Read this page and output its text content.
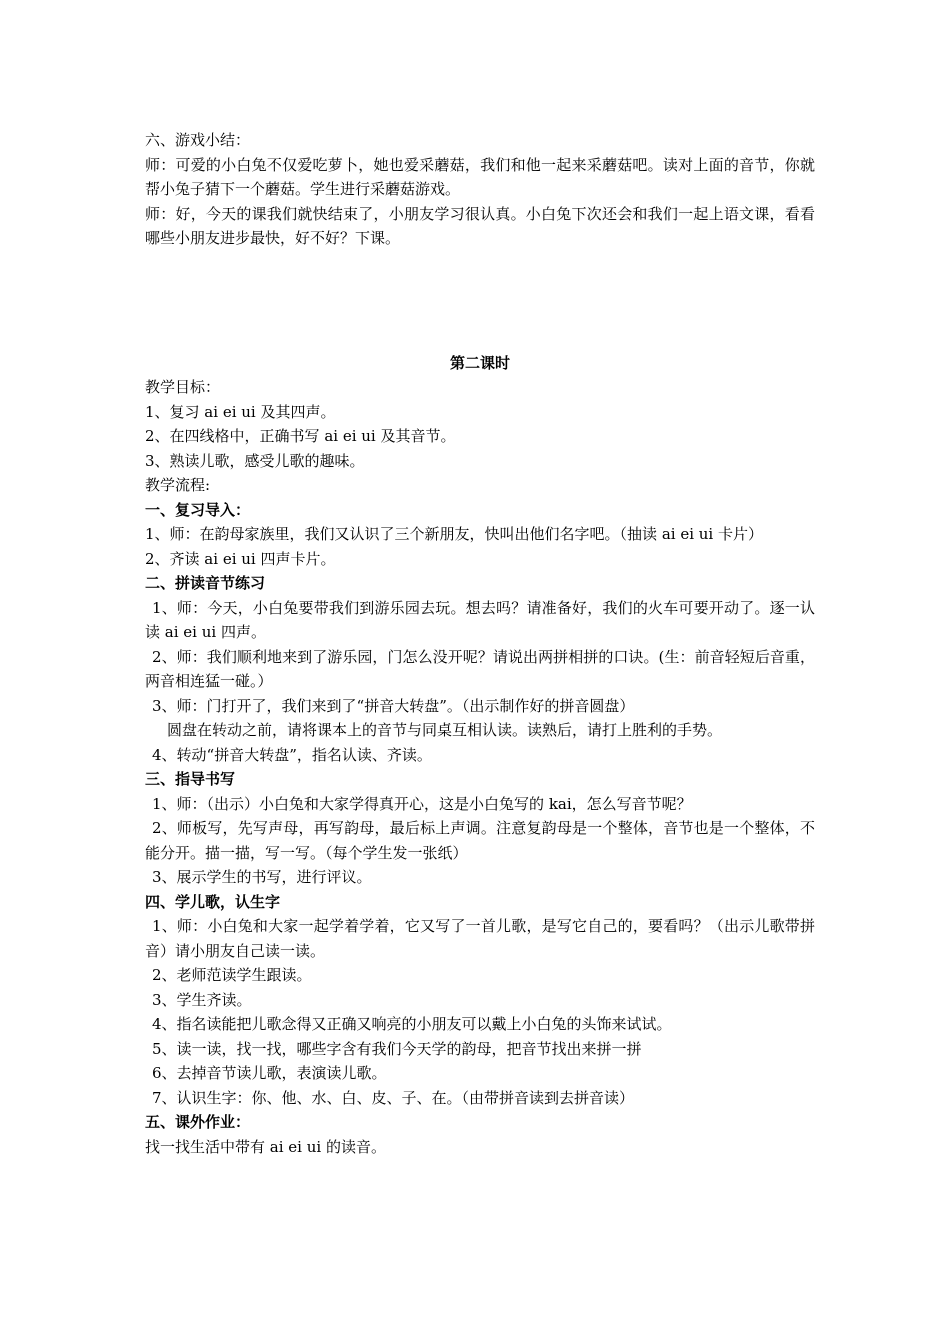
六、游戏小结：
师：可爱的小白兔不仅爱吃萝卜，她也爱采蘑菇，我们和他一起来采蘑菇吧。读对上面的音节，你就帮小兔子猜下一个蘑菇。学生进行采蘑菇游戏。
师：好，今天的课我们就快结束了，小朋友学习很认真。小白兔下次还会和我们一起上语文课，看看哪些小朋友进步最快，好不好？下课。
第二课时
教学目标：
1、复习 ai ei ui 及其四声。
2、在四线格中，正确书写 ai ei ui 及其音节。
3、熟读儿歌，感受儿歌的趣味。
教学流程:
一、复习导入：
1、师：在韵母家族里，我们又认识了三个新朋友，快叫出他们名字吧。（抽读 ai ei ui 卡片）
2、齐读 ai ei ui 四声卡片。
二、拼读音节练习
1、师：今天，小白兔要带我们到游乐园去玩。想去吗？请准备好，我们的火车可要开动了。逐一认读 ai ei ui 四声。
2、师：我们顺利地来到了游乐园，门怎么没开呢？请说出两拼相拼的口诀。(生：前音轻短后音重，两音相连猛一碰。）
3、师：门打开了，我们来到了“拼音大转盘”。（出示制作好的拼音圆盘）
圆盘在转动之前，请将课本上的音节与同桌互相认读。读熟后，请打上胜利的手势。
4、转动“拼音大转盘”，指名认读、齐读。
三、指导书写
1、师：（出示）小白兔和大家学得真开心，这是小白兔写的 kai，怎么写音节呢？
2、师板写，先写声母，再写韵母，最后标上声调。注意复韵母是一个整体，音节也是一个整体，不能分开。描一描，写一写。（每个学生发一张纸）
3、展示学生的书写，进行评议。
四、学儿歌，认生字
1、师：小白兔和大家一起学着学着，它又写了一首儿歌，是写它自己的，要看吗？（出示儿歌带拼音）请小朋友自己读一读。
2、老师范读学生跟读。
3、学生齐读。
4、指名读能把儿歌念得又正确又响亮的小朋友可以戴上小白兔的头饰来试试。
5、读一读，找一找，哪些字含有我们今天学的韵母，把音节找出来拼一拼
6、去掉音节读儿歌，表演读儿歌。
7、认识生字：你、他、水、白、皮、子、在。（由带拼音读到去拼音读）
五、课外作业：
找一找生活中带有 ai ei ui 的读音。
